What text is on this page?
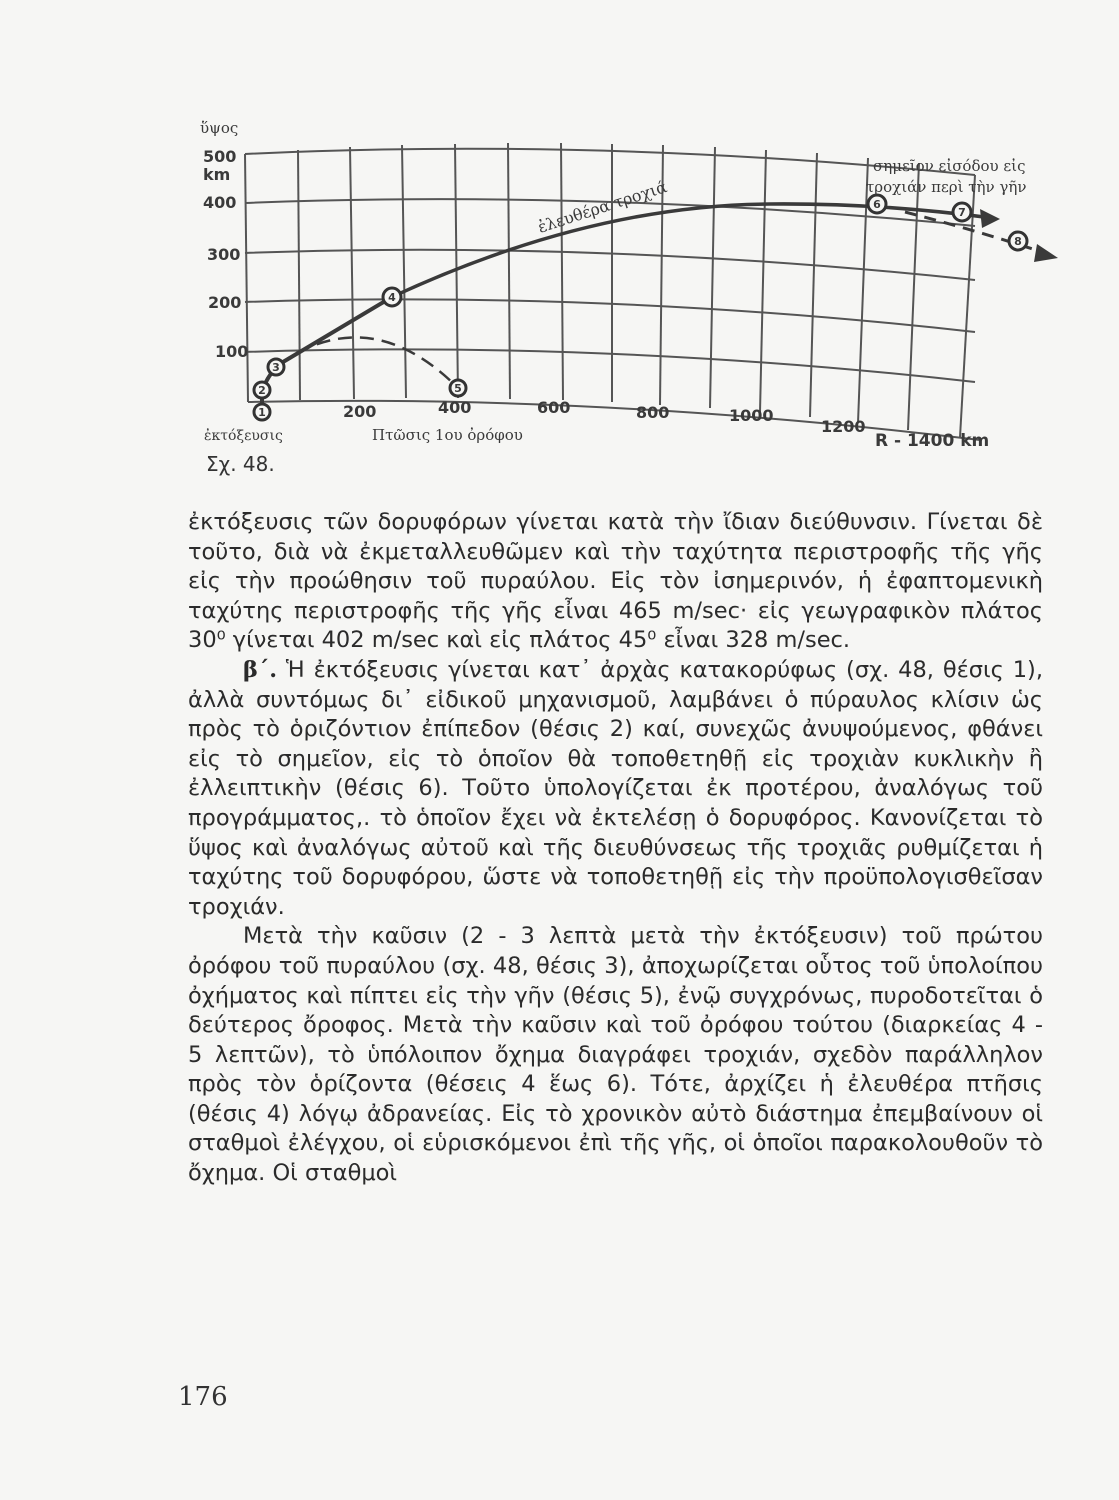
1
2
3
4
5
6
7
8
ὕψος
500
km
400
300
200
100
200	400	600	800	1000
1200
R - 1400 km
ἐκτόξευσις	Πτῶσις 1ου ὀρόφου
ἐλευθέρα τροχιά
σημεῖον εἰσόδου εἰς
τροχιάν περὶ τὴν γῆν
Σχ. 48.

ἐκτόξευσις τῶν δορυφόρων γίνεται κατὰ τὴν ἴδιαν διεύθυνσιν. Γίνεται δὲ τοῦτο, διὰ νὰ ἐκμεταλλευθῶμεν καὶ τὴν ταχύτητα περιστροφῆς τῆς γῆς εἰς τὴν προώθησιν τοῦ πυραύλου. Εἰς τὸν ἰσημερινόν, ἡ ἐφαπτομενικὴ ταχύτης περιστροφῆς τῆς γῆς εἶναι 465 m/sec· εἰς γεωγραφικὸν πλάτος 30⁰ γίνεται 402 m/sec καὶ εἰς πλάτος 45⁰ εἶναι 328 m/sec.

β΄. Ἡ ἐκτόξευσις γίνεται κατ᾽ ἀρχὰς κατακορύφως (σχ. 48, θέσις 1), ἀλλὰ συντόμως δι᾽ εἰδικοῦ μηχανισμοῦ, λαμβάνει ὁ πύραυλος κλίσιν ὡς πρὸς τὸ ὁριζόντιον ἐπίπεδον (θέσις 2) καί, συνεχῶς ἀνυψούμενος, φθάνει εἰς τὸ σημεῖον, εἰς τὸ ὁποῖον θὰ τοποθετηθῇ εἰς τροχιὰν κυκλικὴν ἢ ἐλλειπτικὴν (θέσις 6). Τοῦτο ὑπολογίζεται ἐκ προτέρου, ἀναλόγως τοῦ προγράμματος,. τὸ ὁποῖον ἔχει νὰ ἐκτελέσῃ ὁ δορυφόρος. Κανονίζεται τὸ ὕψος καὶ ἀναλόγως αὐτοῦ καὶ τῆς διευθύνσεως τῆς τροχιᾶς ρυθμίζεται ἡ ταχύτης τοῦ δορυφόρου, ὥστε νὰ τοποθετηθῇ εἰς τὴν προϋπολογισθεῖσαν τροχιάν.

Μετὰ τὴν καῦσιν (2 - 3 λεπτὰ μετὰ τὴν ἐκτόξευσιν) τοῦ πρώτου ὀρόφου τοῦ πυραύλου (σχ. 48, θέσις 3), ἀποχωρίζεται οὗτος τοῦ ὑπολοίπου ὀχήματος καὶ πίπτει εἰς τὴν γῆν (θέσις 5), ἐνῷ συγχρόνως, πυροδοτεῖται ὁ δεύτερος ὄροφος. Μετὰ τὴν καῦσιν καὶ τοῦ ὀρόφου τούτου (διαρκείας 4 - 5 λεπτῶν), τὸ ὑπόλοιπον ὄχημα διαγράφει τροχιάν, σχεδὸν παράλληλον πρὸς τὸν ὁρίζοντα (θέσεις 4 ἕως 6). Τότε, ἀρχίζει ἡ ἐλευθέρα πτῆσις (θέσις 4) λόγῳ ἀδρανείας. Εἰς τὸ χρονικὸν αὐτὸ διάστημα ἐπεμβαίνουν οἱ σταθμοὶ ἐλέγχου, οἱ εὑρισκόμενοι ἐπὶ τῆς γῆς, οἱ ὁποῖοι παρακολουθοῦν τὸ ὄχημα. Οἱ σταθμοὶ

176
